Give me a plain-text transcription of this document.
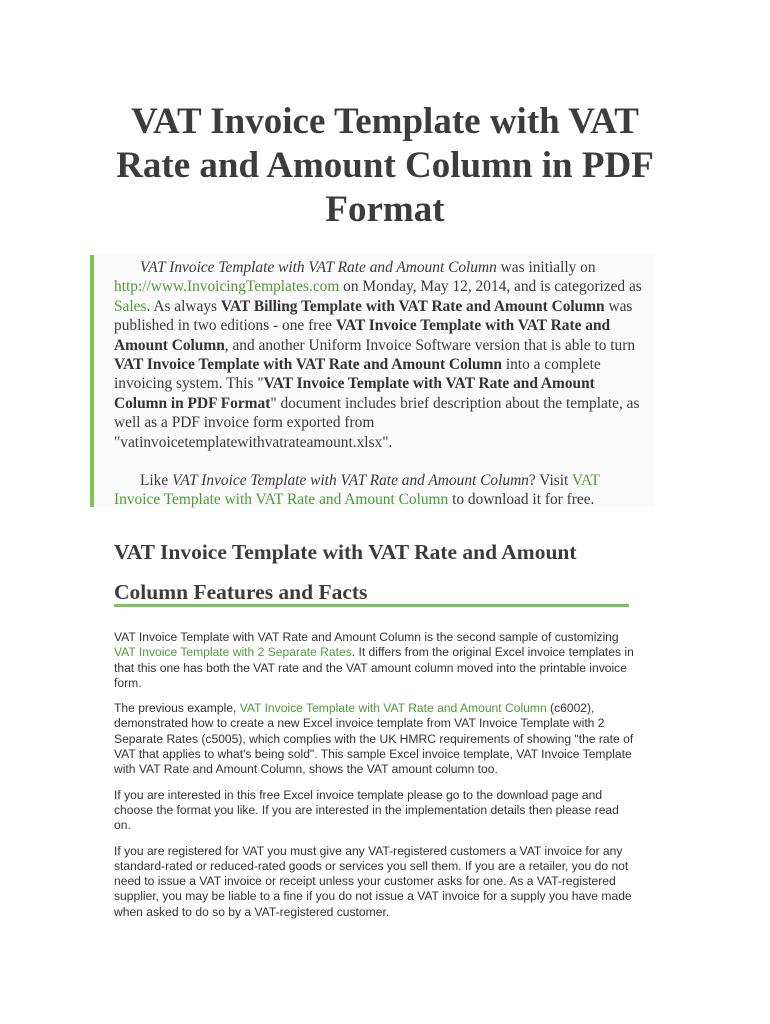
VAT Invoice Template with VAT Rate and Amount Column in PDF Format

VAT Invoice Template with VAT Rate and Amount Column was initially on http://www.InvoicingTemplates.com on Monday, May 12, 2014, and is categorized as Sales. As always VAT Billing Template with VAT Rate and Amount Column was published in two editions - one free VAT Invoice Template with VAT Rate and Amount Column, and another Uniform Invoice Software version that is able to turn VAT Invoice Template with VAT Rate and Amount Column into a complete invoicing system. This "VAT Invoice Template with VAT Rate and Amount Column in PDF Format" document includes brief description about the template, as well as a PDF invoice form exported from "vatinvoicetemplatewithvatrateamount.xlsx".

Like VAT Invoice Template with VAT Rate and Amount Column? Visit VAT Invoice Template with VAT Rate and Amount Column to download it for free.

VAT Invoice Template with VAT Rate and Amount Column Features and Facts

VAT Invoice Template with VAT Rate and Amount Column is the second sample of customizing VAT Invoice Template with 2 Separate Rates. It differs from the original Excel invoice templates in that this one has both the VAT rate and the VAT amount column moved into the printable invoice form.

The previous example, VAT Invoice Template with VAT Rate and Amount Column (c6002), demonstrated how to create a new Excel invoice template from VAT Invoice Template with 2 Separate Rates (c5005), which complies with the UK HMRC requirements of showing "the rate of VAT that applies to what's being sold". This sample Excel invoice template, VAT Invoice Template with VAT Rate and Amount Column, shows the VAT amount column too.

If you are interested in this free Excel invoice template please go to the download page and choose the format you like. If you are interested in the implementation details then please read on.

If you are registered for VAT you must give any VAT-registered customers a VAT invoice for any standard-rated or reduced-rated goods or services you sell them. If you are a retailer, you do not need to issue a VAT invoice or receipt unless your customer asks for one. As a VAT-registered supplier, you may be liable to a fine if you do not issue a VAT invoice for a supply you have made when asked to do so by a VAT-registered customer.
